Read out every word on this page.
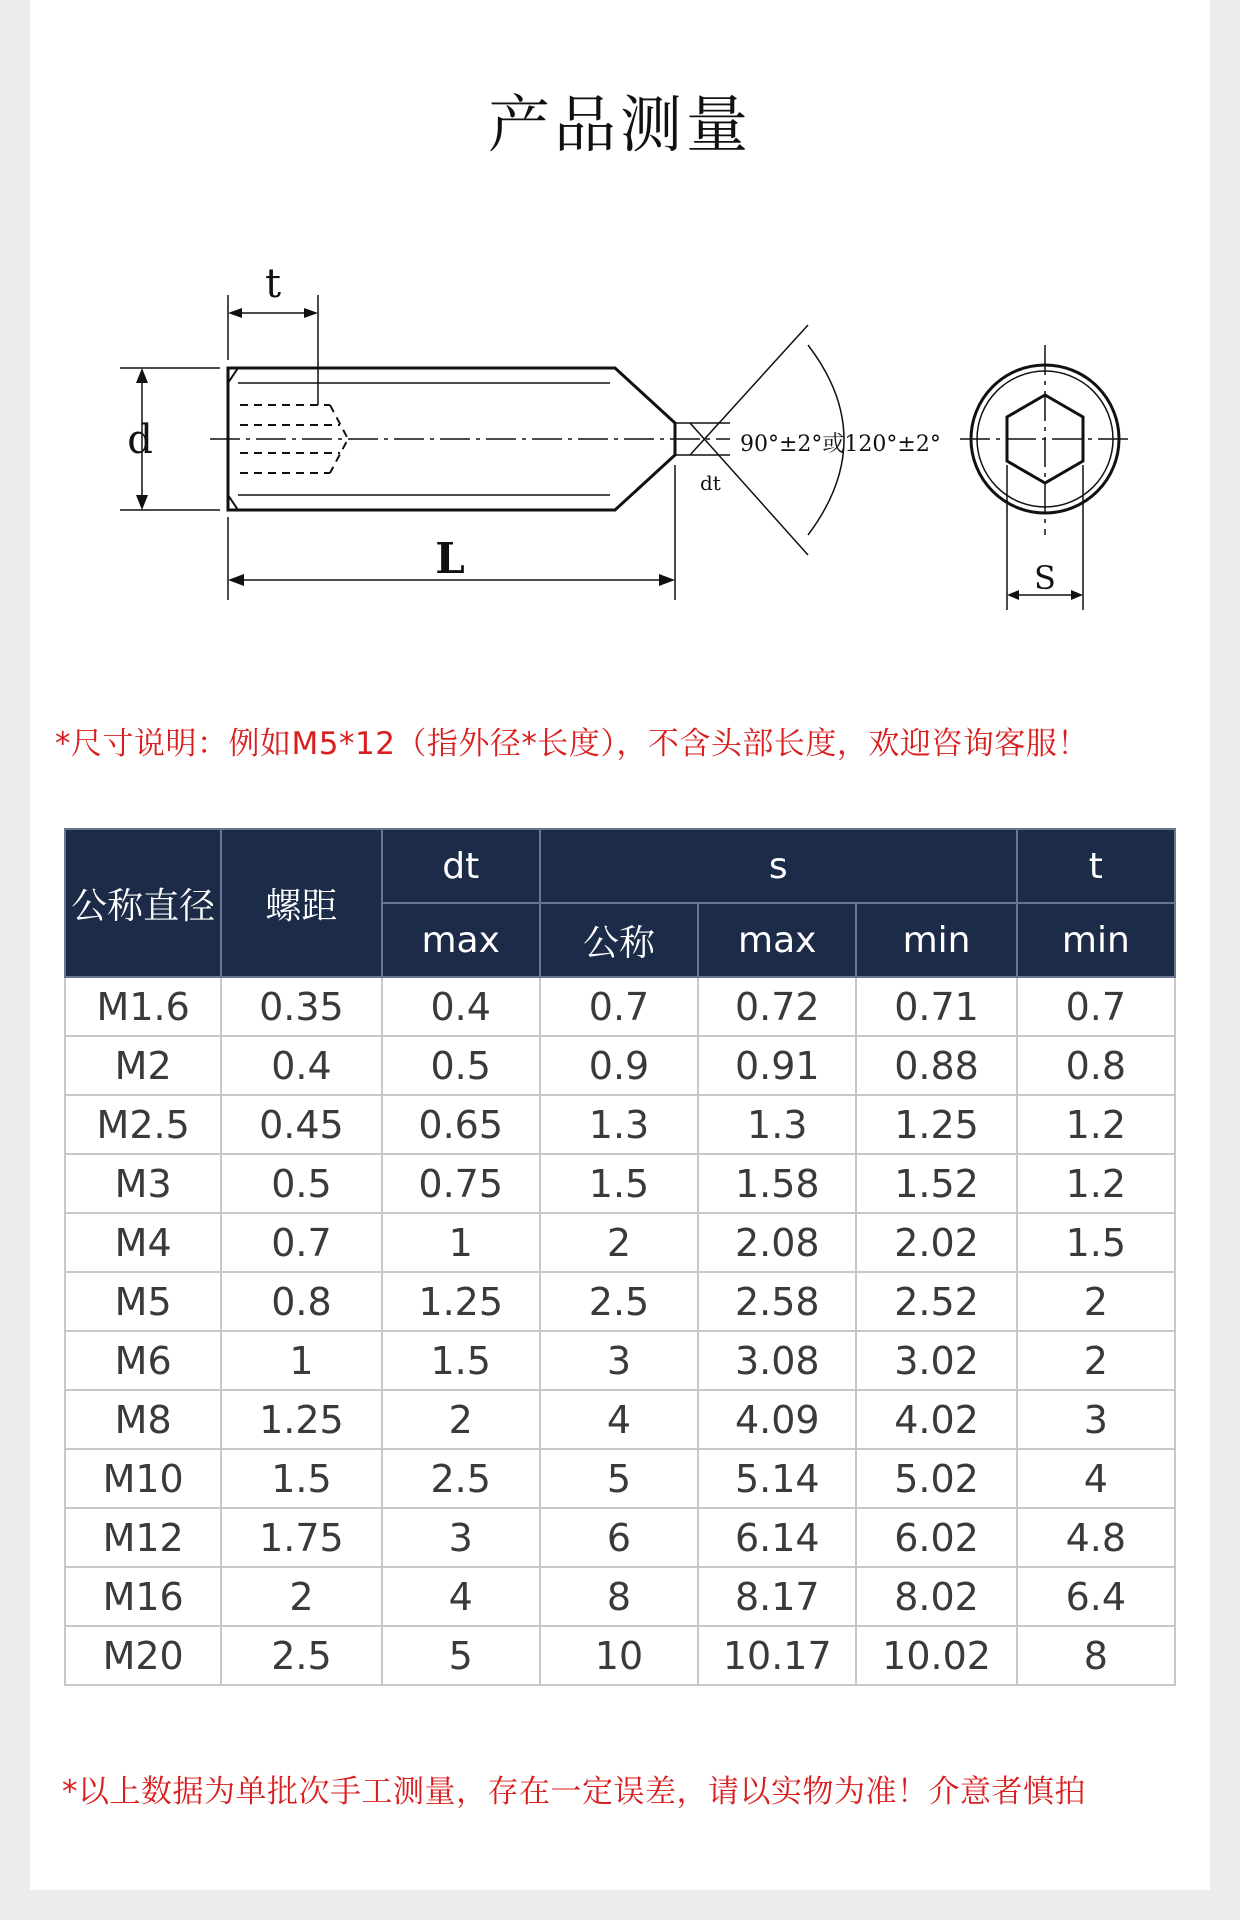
产品测量
t
d
L
dt
90°±2°或120°±2°
S
*尺寸说明：例如M5*12（指外径*长度），不含头部长度，欢迎咨询客服！
公称直径	螺距	dt	s			t
		max	公称	max	min	min
M1.6	0.35	0.4	0.7	0.72	0.71	0.7
M2	0.4	0.5	0.9	0.91	0.88	0.8
M2.5	0.45	0.65	1.3	1.3	1.25	1.2
M3	0.5	0.75	1.5	1.58	1.52	1.2
M4	0.7	1	2	2.08	2.02	1.5
M5	0.8	1.25	2.5	2.58	2.52	2
M6	1	1.5	3	3.08	3.02	2
M8	1.25	2	4	4.09	4.02	3
M10	1.5	2.5	5	5.14	5.02	4
M12	1.75	3	6	6.14	6.02	4.8
M16	2	4	8	8.17	8.02	6.4
M20	2.5	5	10	10.17	10.02	8
*以上数据为单批次手工测量，存在一定误差，请以实物为准！介意者慎拍
